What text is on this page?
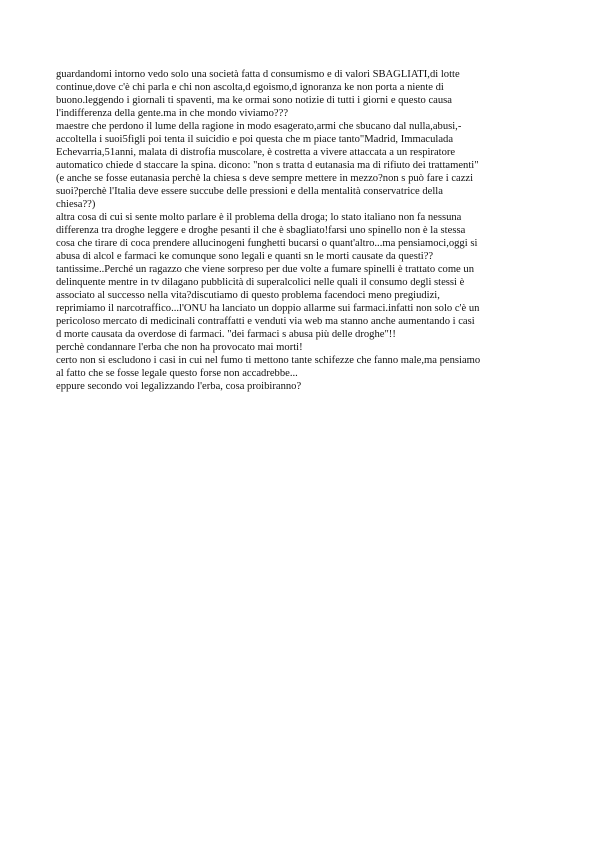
guardandomi intorno vedo solo una società fatta d consumismo e di valori SBAGLIATI,di lotte
continue,dove c'è chi parla e chi non ascolta,d egoismo,d ignoranza ke non porta a niente di
buono.leggendo i giornali ti spaventi, ma ke ormai sono notizie di tutti i giorni e questo causa
l'indifferenza della gente.ma in che mondo viviamo???
maestre che perdono il lume della ragione in modo esagerato,armi che sbucano dal nulla,abusi,-
accoltella i suoi5figli poi tenta il suicidio e poi questa che m piace tanto"Madrid, Immaculada
Echevarria,51anni, malata di distrofia muscolare, è costretta a vivere attaccata a un respiratore
automatico chiede d staccare la spina. dicono: "non s tratta d eutanasia ma di rifiuto dei trattamenti"
(e anche se fosse eutanasia perchè la chiesa s deve sempre mettere in mezzo?non s può fare i cazzi
suoi?perchè l'Italia deve essere succube delle pressioni e della mentalità conservatrice della
chiesa??)
altra cosa di cui si sente molto parlare è il problema della droga; lo stato italiano non fa nessuna
differenza tra droghe leggere e droghe pesanti il che è sbagliato!farsi uno spinello non è la stessa
cosa che tirare di coca prendere allucinogeni funghetti bucarsi o quant'altro...ma pensiamoci,oggi si
abusa di alcol e farmaci ke comunque sono legali e quanti sn le morti causate da questi??
tantissime..Perché un ragazzo che viene sorpreso per due volte a fumare spinelli è trattato come un
delinquente mentre in tv dilagano pubblicità di superalcolici nelle quali il consumo degli stessi è
associato al successo nella vita?discutiamo di questo problema facendoci meno pregiudizi,
reprimiamo il narcotraffico...l'ONU ha lanciato un doppio allarme sui farmaci.infatti non solo c'è un
pericoloso mercato di medicinali contraffatti e venduti via web ma stanno anche aumentando i casi
d morte causata da overdose di farmaci. "dei farmaci s abusa più delle droghe"!!
perchè condannare l'erba che non ha provocato mai morti!
certo non si escludono i casi in cui nel fumo ti mettono tante schifezze che fanno male,ma pensiamo
al fatto che se fosse legale questo forse non accadrebbe...
eppure secondo voi legalizzando l'erba, cosa proibiranno?
